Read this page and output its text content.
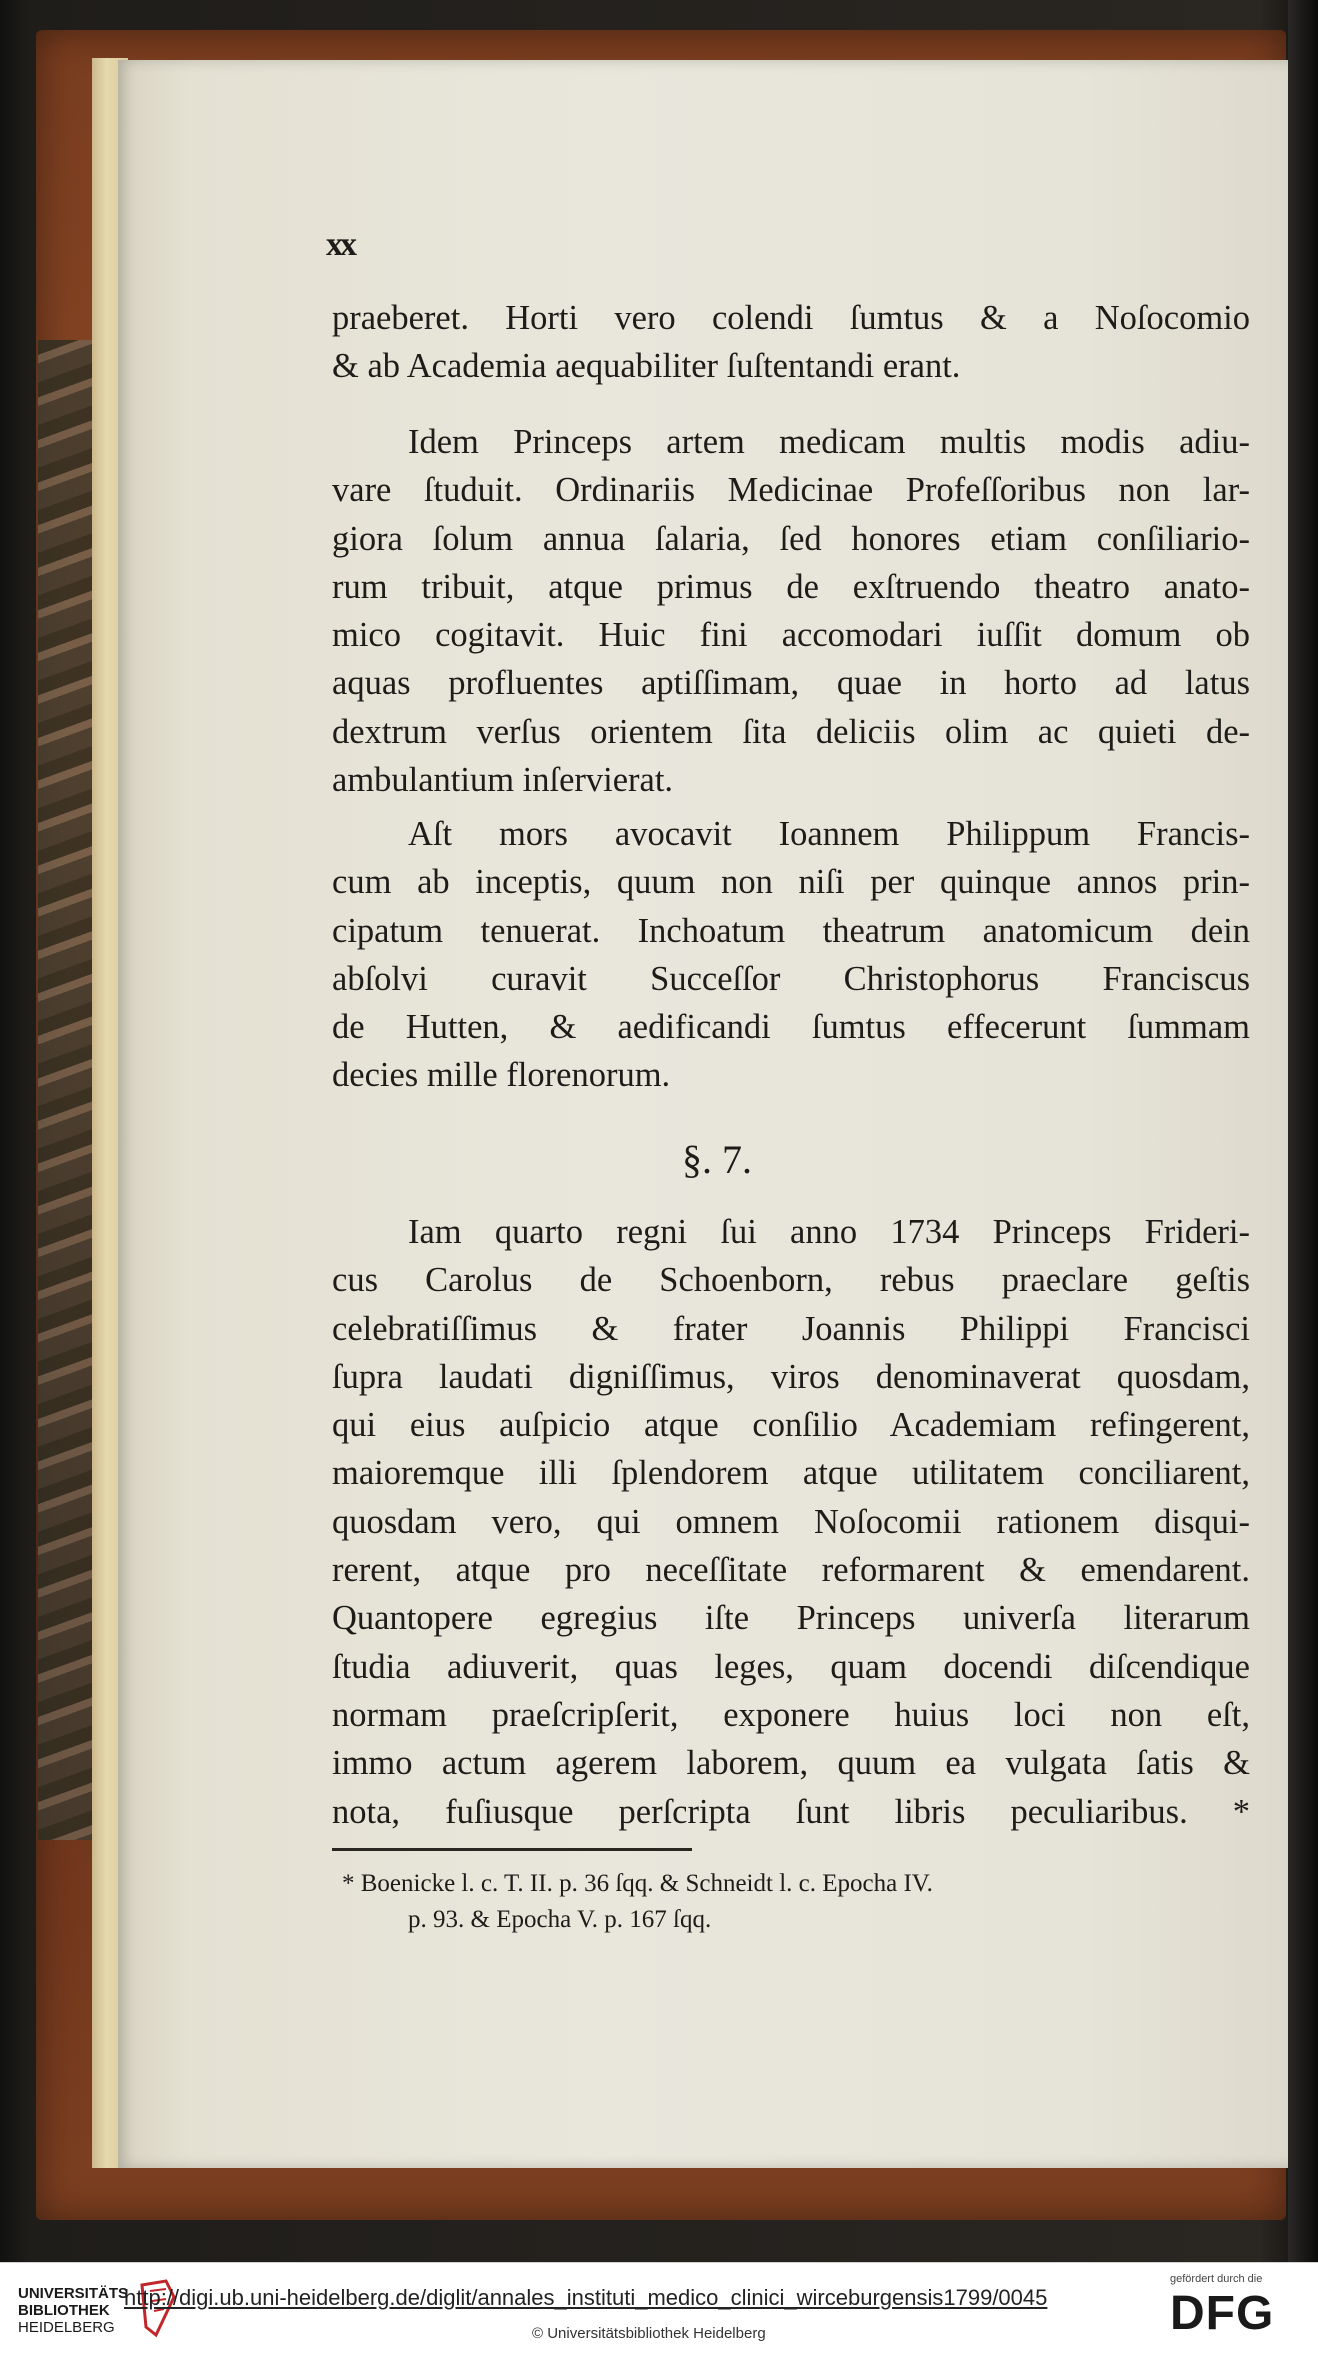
xx

praeberet. Horti vero colendi ſumtus & a Noſocomio
& ab Academia aequabiliter ſuſtentandi erant.

Idem Princeps artem medicam multis modis adiu-
vare ſtuduit. Ordinariis Medicinae Profeſſoribus non lar-
giora ſolum annua ſalaria, ſed honores etiam conſiliario-
rum tribuit, atque primus de exſtruendo theatro anato-
mico cogitavit. Huic fini accomodari iuſſit domum ob
aquas profluentes aptiſſimam, quae in horto ad latus
dextrum verſus orientem ſita deliciis olim ac quieti de-
ambulantium inſervierat.

Aſt mors avocavit Ioannem Philippum Francis-
cum ab inceptis, quum non niſi per quinque annos prin-
cipatum tenuerat. Inchoatum theatrum anatomicum dein
abſolvi curavit Succeſſor Christophorus Franciscus
de Hutten, & aedificandi ſumtus effecerunt ſummam
decies mille florenorum.

§. 7.

Iam quarto regni ſui anno 1734 Princeps Frideri-
cus Carolus de Schoenborn, rebus praeclare geſtis
celebratiſſimus & frater Joannis Philippi Francisci
ſupra laudati digniſſimus, viros denominaverat quosdam,
qui eius auſpicio atque conſilio Academiam refingerent,
maioremque illi ſplendorem atque utilitatem conciliarent,
quosdam vero, qui omnem Noſocomii rationem disqui-
rerent, atque pro neceſſitate reformarent & emendarent.
Quantopere egregius iſte Princeps univerſa literarum
ſtudia adiuverit, quas leges, quam docendi diſcendique
normam praeſcripſerit, exponere huius loci non eſt,
immo actum agerem laborem, quum ea vulgata ſatis &
nota, fuſiusque perſcripta ſunt libris peculiaribus. *

* Boenicke l. c. T. II. p. 36 ſqq. & Schneidt l. c. Epocha IV.
p. 93. & Epocha V. p. 167 ſqq.
UNIVERSITÄTS
BIBLIOTHEK
HEIDELBERG
http://digi.ub.uni-heidelberg.de/diglit/annales_instituti_medico_clinici_wirceburgensis1799/0045
© Universitätsbibliothek Heidelberg
gefördert durch die
DFG
